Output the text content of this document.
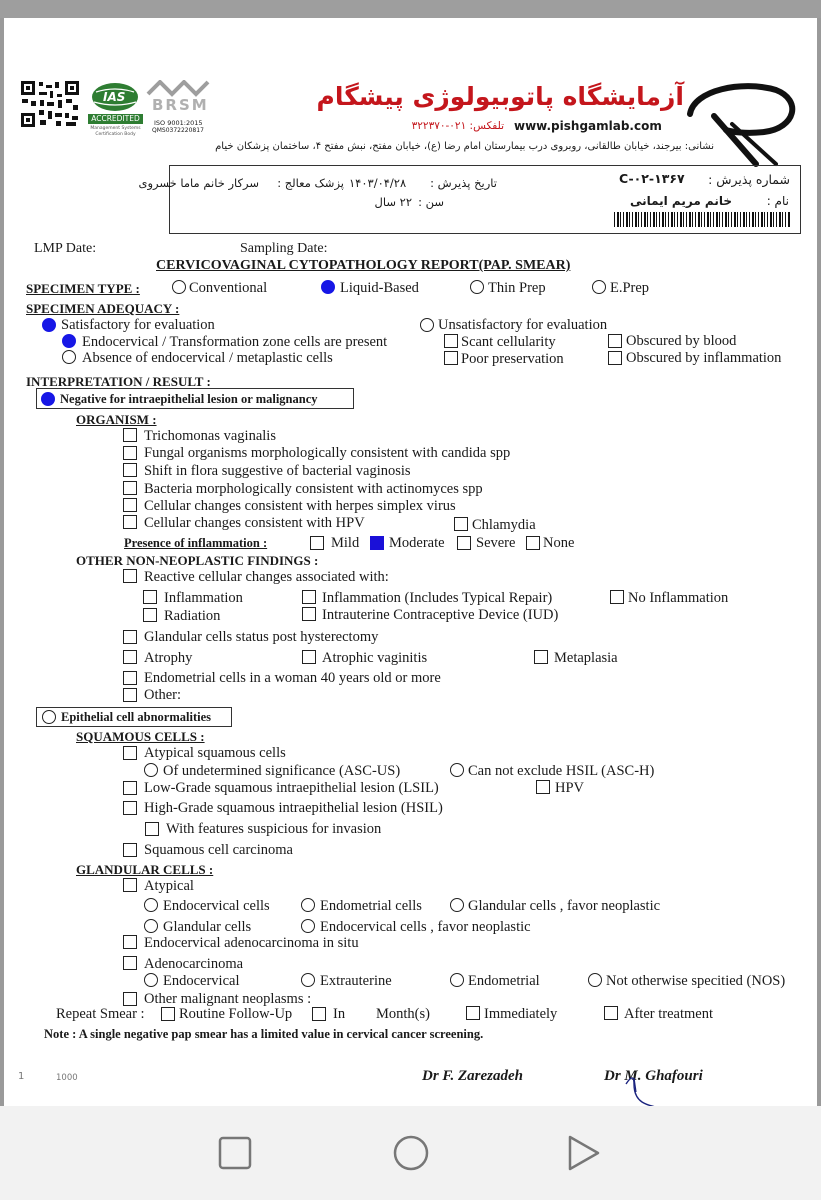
IAS
ACCREDITED
Management Systems Certification Body
BRSM
ISO 9001:2015
QMS0372220817
آزمایشگاه پاتوبیولوژی پیشگام
www.pishgamlab.com
تلفکس: ۰۲۱-۳۲۲۳۷۰
نشانی: بیرجند، خیابان طالقانی، روبروی درب بیمارستان امام رضا (ع)، خیابان مفتح، نبش مفتح ۴، ساختمان پزشکان خیام
شماره پذیرش :
C-۰۲-۱۳۶۷
تاریخ پذیرش :
۱۴۰۳/۰۴/۲۸
پزشک معالج :
سرکار خانم ماما خسروی
نام :
خانم مریم ایمانی
سن :
۲۲ سال
LMP Date:	Sampling Date:
CERVICOVAGINAL CYTOPATHOLOGY REPORT(PAP. SMEAR)
SPECIMEN TYPE :	Conventional	Liquid-Based	Thin Prep	E.Prep
SPECIMEN ADEQUACY :
Satisfactory for evaluation	Unsatisfactory for evaluation
Endocervical / Transformation zone cells are present	Scant cellularity	Obscured by blood
Absence of endocervical / metaplastic cells	Poor preservation	Obscured by inflammation
INTERPRETATION / RESULT :
Negative for intraepithelial lesion or malignancy
ORGANISM :
Trichomonas vaginalis
Fungal organisms morphologically consistent with candida spp
Shift in flora suggestive of bacterial vaginosis
Bacteria morphologically consistent with actinomyces spp
Cellular changes consistent with herpes simplex virus
Cellular changes consistent with HPV	Chlamydia
Presence of inflammation :	Mild Moderate Severe None
OTHER NON-NEOPLASTIC FINDINGS :
Reactive cellular changes associated with:
Inflammation	Inflammation (Includes Typical Repair)	No Inflammation
Radiation	Intrauterine Contraceptive Device (IUD)
Glandular cells status post hysterectomy
Atrophy	Atrophic vaginitis	Metaplasia
Endometrial cells in a woman 40 years old or more
Other:
Epithelial cell abnormalities
SQUAMOUS CELLS :
Atypical squamous cells
Of undetermined significance (ASC-US)	Can not exclude HSIL (ASC-H)
Low-Grade squamous intraepithelial lesion (LSIL)	HPV
High-Grade squamous intraepithelial lesion (HSIL)
With features suspicious for invasion
Squamous cell carcinoma
GLANDULAR CELLS :
Atypical
Endocervical cells	Endometrial cells	Glandular cells , favor neoplastic
Glandular cells	Endocervical cells , favor neoplastic
Endocervical adenocarcinoma in situ
Adenocarcinoma
Endocervical	Extrauterine	Endometrial	Not otherwise specitied (NOS)
Other malignant neoplasms :
Repeat Smear : Routine Follow-Up	In Month(s)	Immediately	After treatment
Note : A single negative pap smear has a limited value in cervical cancer screening.
1	1000	Dr F. Zarezadeh	Dr M. Ghafouri
